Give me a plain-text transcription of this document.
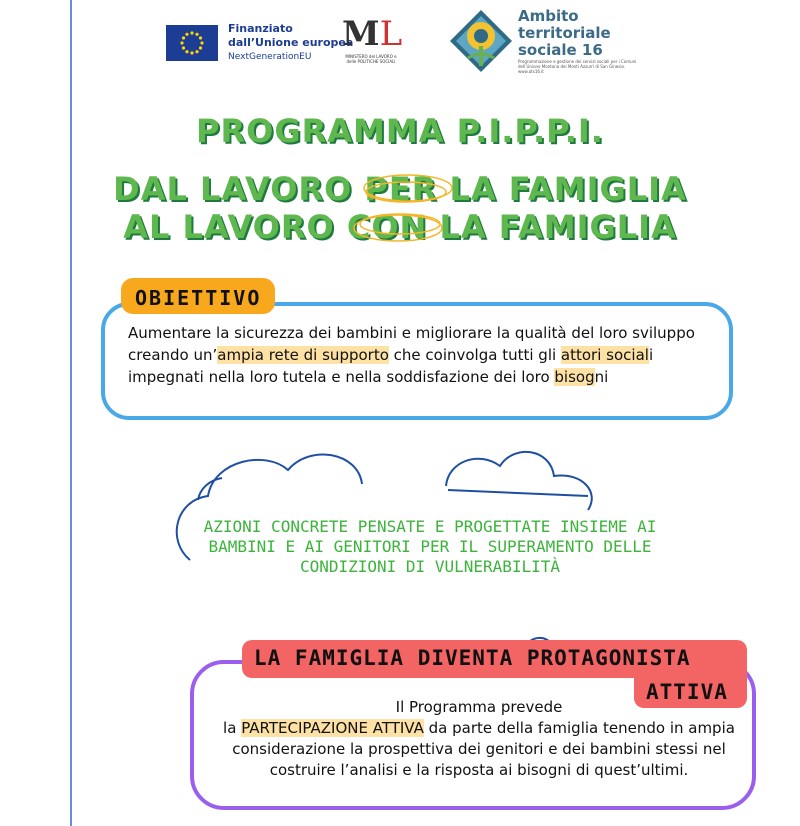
Finanziato
dall’Unione europea
NextGenerationEU
ML
MINISTERO del LAVORO e delle POLITICHE SOCIALI
Ambito
territoriale
sociale 16
Programmazione e gestione dei servizi sociali per i Comuni dell’Unione Montana dei Monti Azzurri di San Ginesio. www.ats16.it
PROGRAMMA P.I.P.P.I.
DAL LAVORO PER LA FAMIGLIA
AL LAVORO CON LA FAMIGLIA
OBIETTIVO
Aumentare la sicurezza dei bambini e migliorare la qualità del loro sviluppo creando un’ampia rete di supporto che coinvolga tutti gli attori sociali impegnati nella loro tutela e nella soddisfazione dei loro bisogni
AZIONI CONCRETE PENSATE E PROGETTATE INSIEME AI BAMBINI E AI GENITORI PER IL SUPERAMENTO DELLE CONDIZIONI DI VULNERABILITÀ
LA FAMIGLIA DIVENTA PROTAGONISTA
ATTIVA
Il Programma prevede
la PARTECIPAZIONE ATTIVA da parte della famiglia tenendo in ampia considerazione la prospettiva dei genitori e dei bambini stessi nel costruire l’analisi e la risposta ai bisogni di quest’ultimi.
